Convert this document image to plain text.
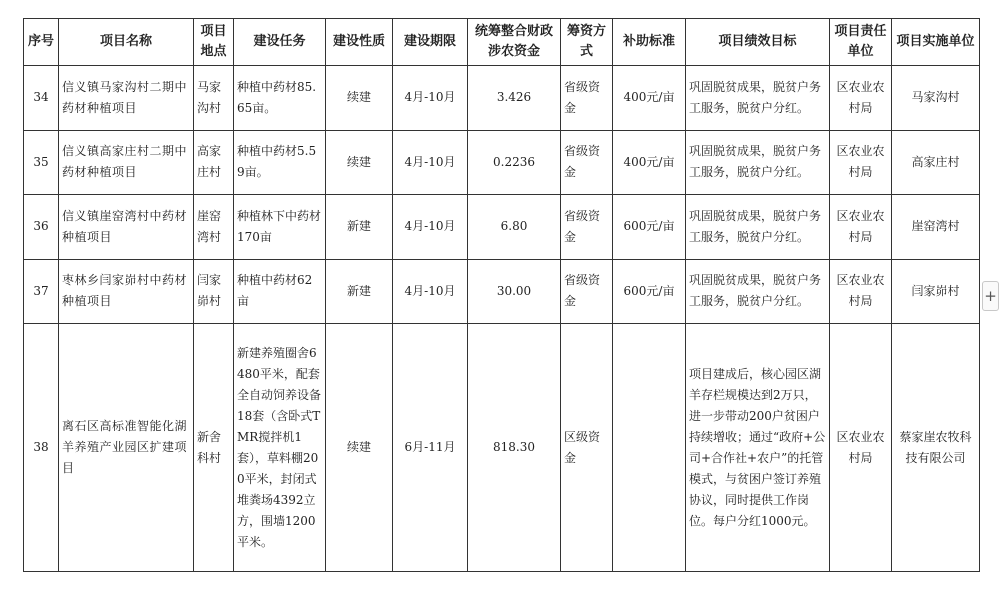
序号	项目名称	项目地点	建设任务	建设性质	建设期限	统筹整合财政涉农资金	筹资方式	补助标准	项目绩效目标	项目责任单位	项目实施单位
34	信义镇马家沟村二期中药材种植项目	马家沟村	种植中药材85.65亩。	续建	4月-10月	3.426	省级资金	400元/亩	巩固脱贫成果，脱贫户务工服务，脱贫户分红。	区农业农村局	马家沟村
35	信义镇高家庄村二期中药材种植项目	高家庄村	种植中药材5.59亩。	续建	4月-10月	0.2236	省级资金	400元/亩	巩固脱贫成果，脱贫户务工服务，脱贫户分红。	区农业农村局	高家庄村
36	信义镇崖窑湾村中药材种植项目	崖窑湾村	种植林下中药材170亩	新建	4月-10月	6.80	省级资金	600元/亩	巩固脱贫成果，脱贫户务工服务，脱贫户分红。	区农业农村局	崖窑湾村
37	枣林乡闫家峁村中药材种植项目	闫家峁村	种植中药材62亩	新建	4月-10月	30.00	省级资金	600元/亩	巩固脱贫成果，脱贫户务工服务，脱贫户分红。	区农业农村局	闫家峁村
38	离石区高标准智能化湖羊养殖产业园区扩建项目	新舍科村	新建养殖圈舍6480平米，配套全自动饲养设备18套（含卧式TMR搅拌机1套），草料棚200平米，封闭式堆粪场4392立方，围墙1200平米。	续建	6月-11月	818.30	区级资金		项目建成后，核心园区湖羊存栏规模达到2万只，进一步带动200户贫困户持续增收；通过“政府+公司+合作社+农户”的托管模式，与贫困户签订养殖协议，同时提供工作岗位。每户分红1000元。	区农业农村局	蔡家崖农牧科技有限公司
+
